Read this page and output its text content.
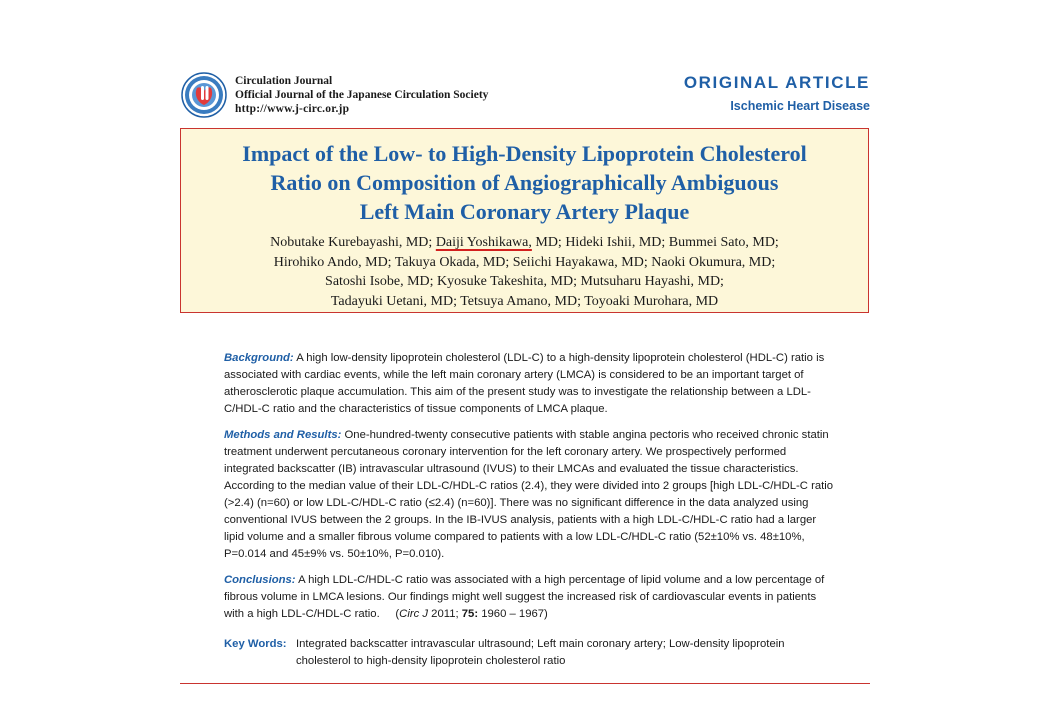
Circulation Journal
Official Journal of the Japanese Circulation Society
http://www.j-circ.or.jp
ORIGINAL ARTICLE
Ischemic Heart Disease
Impact of the Low- to High-Density Lipoprotein Cholesterol
Ratio on Composition of Angiographically Ambiguous
Left Main Coronary Artery Plaque
Nobutake Kurebayashi, MD; Daiji Yoshikawa, MD; Hideki Ishii, MD; Bummei Sato, MD;
Hirohiko Ando, MD; Takuya Okada, MD; Seiichi Hayakawa, MD; Naoki Okumura, MD;
Satoshi Isobe, MD; Kyosuke Takeshita, MD; Mutsuharu Hayashi, MD;
Tadayuki Uetani, MD; Tetsuya Amano, MD; Toyoaki Murohara, MD
Background: A high low-density lipoprotein cholesterol (LDL-C) to a high-density lipoprotein cholesterol (HDL-C) ratio is associated with cardiac events, while the left main coronary artery (LMCA) is considered to be an important target of atherosclerotic plaque accumulation. This aim of the present study was to investigate the relationship between a LDL-C/HDL-C ratio and the characteristics of tissue components of LMCA plaque.
Methods and Results: One-hundred-twenty consecutive patients with stable angina pectoris who received chronic statin treatment underwent percutaneous coronary intervention for the left coronary artery. We prospectively performed integrated backscatter (IB) intravascular ultrasound (IVUS) to their LMCAs and evaluated the tissue characteristics. According to the median value of their LDL-C/HDL-C ratios (2.4), they were divided into 2 groups [high LDL-C/HDL-C ratio (>2.4) (n=60) or low LDL-C/HDL-C ratio (≤2.4) (n=60)]. There was no significant difference in the data analyzed using conventional IVUS between the 2 groups. In the IB-IVUS analysis, patients with a high LDL-C/HDL-C ratio had a larger lipid volume and a smaller fibrous volume compared to patients with a low LDL-C/HDL-C ratio (52±10% vs. 48±10%, P=0.014 and 45±9% vs. 50±10%, P=0.010).
Conclusions: A high LDL-C/HDL-C ratio was associated with a high percentage of lipid volume and a low percentage of fibrous volume in LMCA lesions. Our findings might well suggest the increased risk of cardiovascular events in patients with a high LDL-C/HDL-C ratio.     (Circ J 2011; 75: 1960 – 1967)
Key Words: Integrated backscatter intravascular ultrasound; Left main coronary artery; Low-density lipoprotein cholesterol to high-density lipoprotein cholesterol ratio
